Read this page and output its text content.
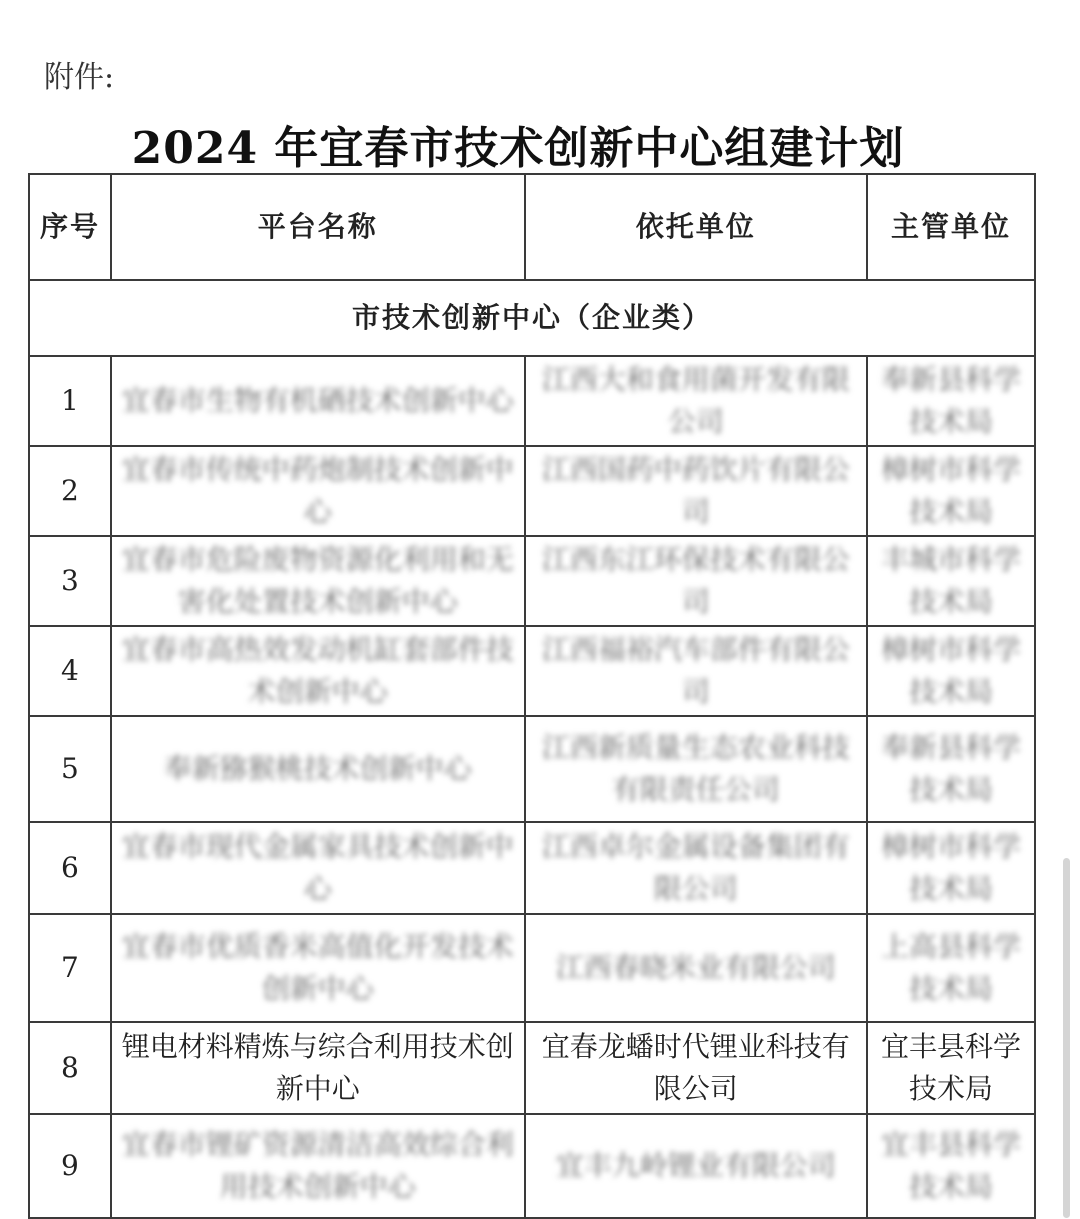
附件:
2024 年宜春市技术创新中心组建计划
序号	平台名称	依托单位	主管单位
市技术创新中心（企业类）			
1	宜春市生物有机硒技术创新中心	江西大和食用菌开发有限公司	奉新县科学技术局
2	宜春市传统中药炮制技术创新中心	江西国药中药饮片有限公司	樟树市科学技术局
3	宜春市危险废物资源化利用和无害化处置技术创新中心	江西东江环保技术有限公司	丰城市科学技术局
4	宜春市高热效发动机缸套部件技术创新中心	江西福裕汽车部件有限公司	樟树市科学技术局
5	奉新猕猴桃技术创新中心	江西新质量生态农业科技有限责任公司	奉新县科学技术局
6	宜春市现代金属家具技术创新中心	江西卓尔金属设备集团有限公司	樟树市科学技术局
7	宜春市优质香米高值化开发技术创新中心	江西春晓米业有限公司	上高县科学技术局
8	锂电材料精炼与综合利用技术创新中心	宜春龙蟠时代锂业科技有限公司	宜丰县科学技术局
9	宜春市锂矿资源清洁高效综合利用技术创新中心	宜丰九岭锂业有限公司	宜丰县科学技术局
